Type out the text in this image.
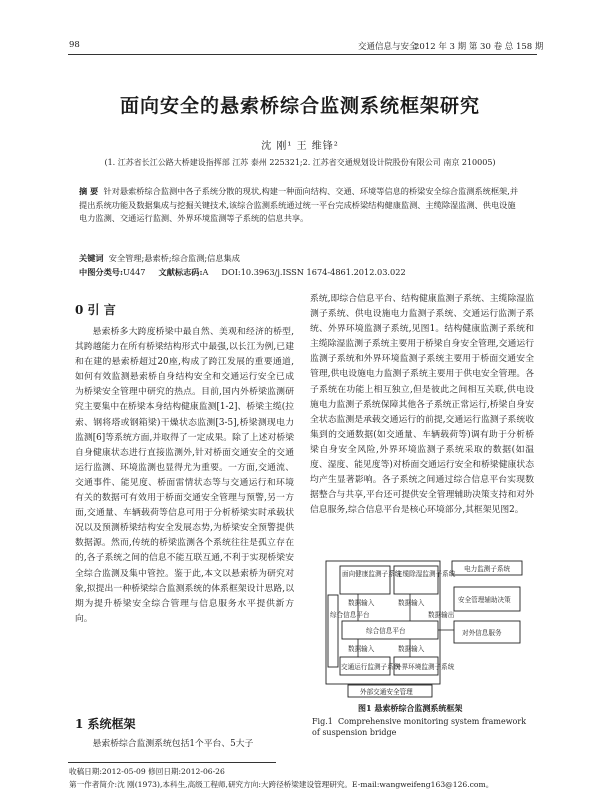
98	交通信息与安全
2012 年 3 期 第 30 卷 总 158 期
面向安全的悬索桥综合监测系统框架研究
沈 刚¹ 王 维锋²
(1. 江苏省长江公路大桥建设指挥部 江苏 泰州 225321;2. 江苏省交通规划设计院股份有限公司 南京 210005)

摘 要 针对悬索桥综合监测中各子系统分散的现状,构建一种面向结构、交通、环境等信息的桥梁安全综合监测系统框架,并提出系统功能及数据集成与挖掘关键技术,该综合监测系统通过统一平台完成桥梁结构健康监测、主缆除湿监测、供电设施电力监测、交通运行监测、外界环境监测等子系统的信息共享。

关键词 安全管理;悬索桥;综合监测;信息集成
中图分类号:U447 文献标志码:A DOI:10.3963/j.ISSN 1674-4861.2012.03.022
0 引 言

悬索桥多大跨度桥梁中最自然、美观和经济的桥型,其跨越能力在所有桥梁结构形式中最强,以长江为例,已建和在建的悬索桥超过20座,构成了跨江发展的重要通道,如何有效监测悬索桥自身结构安全和交通运行安全已成为桥梁安全管理中研究的热点。目前,国内外桥梁监测研究主要集中在桥梁本身结构健康监测[1-2]、桥梁主缆(拉索、钢将塔或钢箱梁)干燥状态监测[3-5],桥梁测现电力监测[6]等系统方面,并取得了一定成果。除了上述对桥梁自身健康状态进行直接监测外,针对桥面交通安全的交通运行监测、环境监测也显得尤为重要。一方面,交通流、交通事件、能见度、桥面雷情状态等与交通运行和环境有关的数据可有效用于桥面交通安全管理与预警,另一方面,交通量、车辆载荷等信息可用于分析桥梁实时承载状况以及预测桥梁结构安全发展态势,为桥梁安全预警提供数据源。然而,传统的桥梁监测各个系统往往是孤立存在的,各子系统之间的信息不能互联互通,不利于实现桥梁安全综合监测及集中管控。鉴于此,本文以悬索桥为研究对象,拟提出一种桥梁综合监测系统的体系框架设计思路,以期为提升桥梁安全综合管理与信息服务水平提供新方向。

1 系统框架

悬索桥综合监测系统包括1个平台、5大子

系统,即综合信息平台、结构健康监测子系统、主缆除湿监测子系统、供电设施电力监测子系统、交通运行监测子系统、外界环境监测子系统,见图1。结构健康监测子系统和主缆除湿监测子系统主要用于桥梁自身安全管理,交通运行监测子系统和外界环境监测子系统主要用于桥面交通安全管理,供电设施电力监测子系统主要用于供电安全管理。各子系统在功能上相互独立,但是彼此之间相互关联,供电设施电力监测子系统保障其他各子系统正常运行,桥梁自身安全状态监测是承载交通运行的前提,交通运行监测子系统收集到的交通数据(如交通量、车辆载荷等)调有助于分析桥梁自身安全风险,外界环境监测子系统采取的数据(如温度、湿度、能见度等)对桥面交通运行安全和桥梁健康状态均产生显著影响。各子系统之间通过综合信息平台实现数据整合与共享,平台还可提供安全管理辅助决策支持和对外信息服务,综合信息平台是核心环境部分,其框架见图2。

面向健康监测子系统
主缆除湿监测子系统
电力监测子系统
综合信息平台
数据输入	数据输入
综合信息平台
数据输出
安全管理辅助决策
对外信息服务
数据输入	数据输入
交通运行监测子系统
外界环境监测子系统
外部交通安全管理
图1 悬索桥综合监测系统框架
Fig.1 Comprehensive monitoring system framework of suspension bridge
收稿日期:2012-05-09 修回日期:2012-06-26
第一作者简介:沈 刚(1973),本科生,高级工程师,研究方向:大跨径桥梁建设管理研究。E-mail:wangweifeng163@126.com。
